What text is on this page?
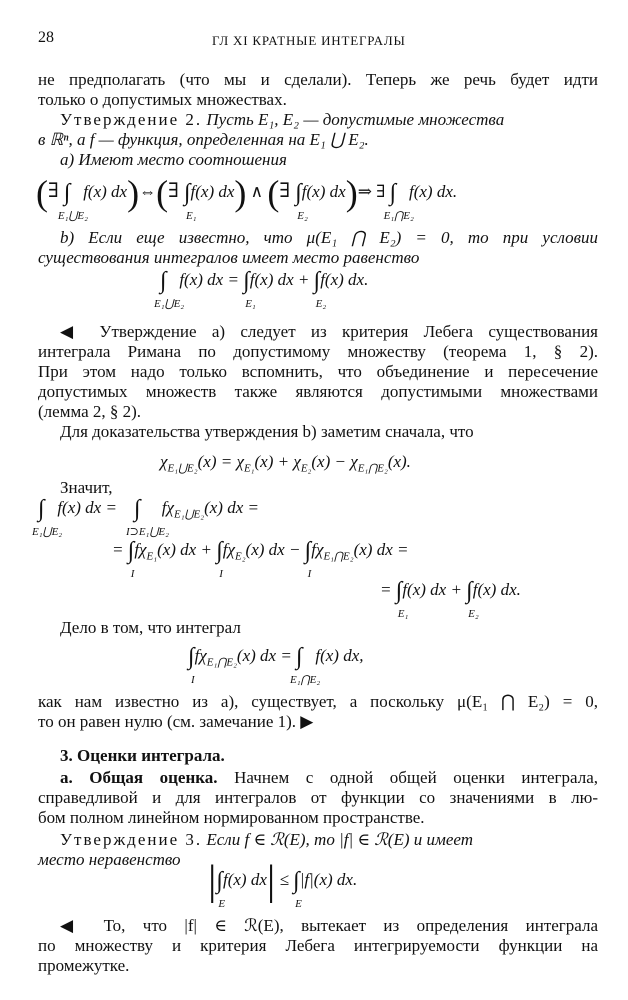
28	ГЛ XI КРАТНЫЕ ИНТЕГРАЛЫ
не предполагать (что мы и сделали). Теперь же речь будет идти
только о допустимых множествах.
Утверждение 2. Пусть E₁, E₂ — допустимые множества
в ℝⁿ, а f — функция, определенная на E₁ ⋃ E₂.
а) Имеют место соотношения
(∃ ∫
E₁⋃E₂
f(x) dx)⇔(∃ ∫
E₁
f(x) dx) ∧ (∃ ∫
E₂
f(x) dx)⇒ ∃ ∫
E₁⋂E₂
f(x) dx.
b) Если еще известно, что μ(E₁ ⋂ E₂) = 0, то при условии
существования интегралов имеет место равенство
∫
E₁⋃E₂
f(x) dx = ∫
E₁
f(x) dx + ∫
E₂
f(x) dx.
◀ Утверждение а) следует из критерия Лебега существования
интеграла Римана по допустимому множеству (теорема 1, § 2).
При этом надо только вспомнить, что объединение и пересечение
допустимых множеств также являются допустимыми множествами
(лемма 2, § 2).
Для доказательства утверждения b) заметим сначала, что
$\chi_{E_1⋃E_2}(x) = \chi_{E_1}(x) + \chi_{E_2}(x) - \chi_{E_1⋂E_2}(x)$.
Значит,
∫
E₁⋃E₂
f(x) dx =    ∫
I⊃E₁⋃E₂
$f\chi_{E_1⋃E_2}(x)$ dx =
= ∫
I
$f\chi_{E_1}(x)$ dx + ∫
I
$f\chi_{E_2}(x)$ dx − ∫
I
$f\chi_{E_1⋂E_2}(x)$ dx =
= ∫
E₁
f(x) dx + ∫
E₂
f(x) dx.
Дело в том, что интеграл
∫
I
$f\chi_{E_1⋂E_2}(x)$ dx = ∫
E₁⋂E₂
f(x) dx,
как нам известно из а), существует, а поскольку μ(E₁ ⋂ E₂) = 0,
то он равен нулю (см. замечание 1). ▶
3. Оценки интеграла.
а. Общая оценка. Начнем с одной общей оценки интеграла,
справедливой и для интегралов от функции со значениями в лю-
бом полном линейном нормированном пространстве.
Утверждение 3. Если f ∈ ℛ(E), то |f| ∈ ℛ(E) и имеет
место неравенство |∫
E
f(x) dx| ≤ ∫
E
|f|(x) dx.
◀ То, что |f| ∈ ℛ(E), вытекает из определения интеграла
по множеству и критерия Лебега интегрируемости функции на
промежутке.
